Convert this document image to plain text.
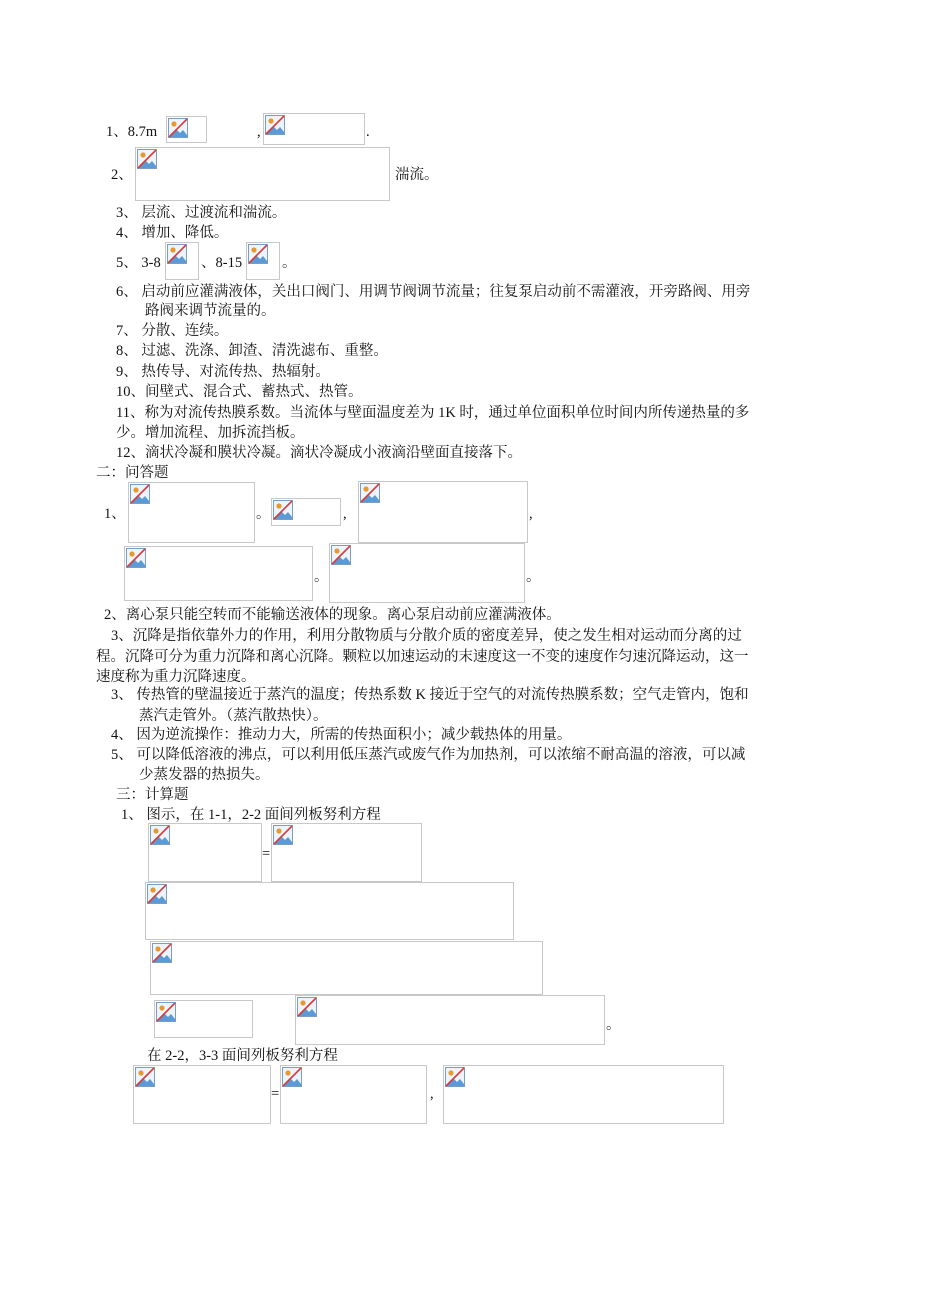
1、8.7m	,	.
2、	湍流。
3、 层流、过渡流和湍流。
4、 增加、降低。
5、 3-8	、8-15	。
6、 启动前应灌满液体，关出口阀门、用调节阀调节流量；往复泵启动前不需灌液，开旁路阀、用旁
路阀来调节流量的。
7、 分散、连续。
8、 过滤、洗涤、卸渣、清洗滤布、重整。
9、 热传导、对流传热、热辐射。
10、间壁式、混合式、蓄热式、热管。
11、称为对流传热膜系数。当流体与壁面温度差为 1K 时，通过单位面积单位时间内所传递热量的多
少。增加流程、加拆流挡板。
12、滴状冷凝和膜状冷凝。滴状冷凝成小液滴沿壁面直接落下。
二：问答题
1、	。	,	,
。	。
2、离心泵只能空转而不能输送液体的现象。离心泵启动前应灌满液体。
3、沉降是指依靠外力的作用，利用分散物质与分散介质的密度差异，使之发生相对运动而分离的过
程。沉降可分为重力沉降和离心沉降。颗粒以加速运动的末速度这一不变的速度作匀速沉降运动，这一
速度称为重力沉降速度。
3、 传热管的壁温接近于蒸汽的温度；传热系数 K 接近于空气的对流传热膜系数；空气走管内，饱和
蒸汽走管外。（蒸汽散热快）。
4、 因为逆流操作：推动力大，所需的传热面积小；减少载热体的用量。
5、 可以降低溶液的沸点，可以利用低压蒸汽或废气作为加热剂，可以浓缩不耐高温的溶液，可以减
少蒸发器的热损失。
三：计算题
1、 图示，在 1-1，2-2 面间列板努利方程
=
。
在 2-2，3-3 面间列板努利方程
=	,
